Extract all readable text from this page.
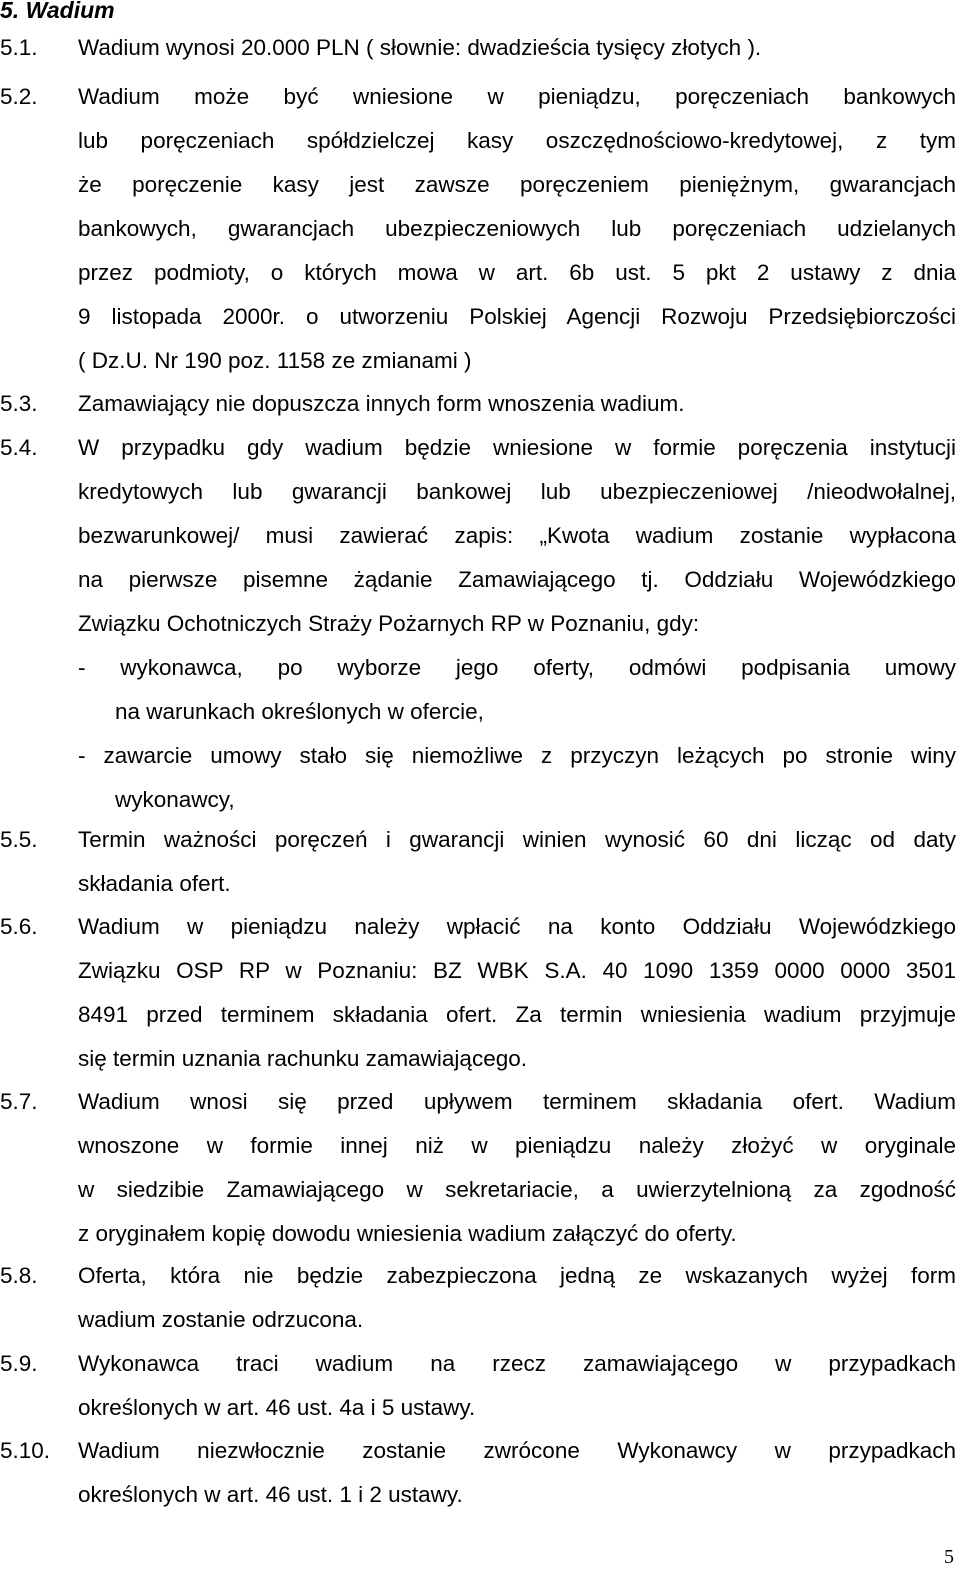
5. Wadium
5.1.	Wadium wynosi 20.000 PLN ( słownie: dwadzieścia tysięcy złotych ).
5.2.	Wadium może być wniesione w pieniądzu, poręczeniach bankowych
lub poręczeniach spółdzielczej kasy oszczędnościowo-kredytowej, z tym
że poręczenie kasy jest zawsze poręczeniem pieniężnym, gwarancjach
bankowych, gwarancjach ubezpieczeniowych lub poręczeniach udzielanych
przez podmioty, o których mowa w art. 6b ust. 5 pkt 2 ustawy z dnia
9 listopada 2000r. o utworzeniu Polskiej Agencji Rozwoju Przedsiębiorczości
( Dz.U. Nr 190 poz. 1158 ze zmianami )
5.3.	Zamawiający nie dopuszcza innych form wnoszenia wadium.
5.4.	W przypadku gdy wadium będzie wniesione w formie poręczenia instytucji
kredytowych lub gwarancji bankowej lub ubezpieczeniowej /nieodwołalnej,
bezwarunkowej/ musi zawierać zapis: „Kwota wadium zostanie wypłacona
na pierwsze pisemne żądanie Zamawiającego tj. Oddziału Wojewódzkiego
Związku Ochotniczych Straży Pożarnych RP w Poznaniu, gdy:
- wykonawca, po wyborze jego oferty, odmówi podpisania umowy
na warunkach określonych w ofercie,
- zawarcie umowy stało się niemożliwe z przyczyn leżących po stronie winy
wykonawcy,
5.5.	Termin ważności poręczeń i gwarancji winien wynosić 60 dni licząc od daty
składania ofert.
5.6.	Wadium w pieniądzu należy wpłacić na konto Oddziału Wojewódzkiego
Związku OSP RP w Poznaniu: BZ WBK S.A. 40 1090 1359 0000 0000 3501
8491 przed terminem składania ofert. Za termin wniesienia wadium przyjmuje
się termin uznania rachunku zamawiającego.
5.7.	Wadium wnosi się przed upływem terminem składania ofert. Wadium
wnoszone w formie innej niż w pieniądzu należy złożyć w oryginale
w siedzibie Zamawiającego w sekretariacie, a uwierzytelnioną za zgodność
z oryginałem kopię dowodu wniesienia wadium załączyć do oferty.
5.8.	Oferta, która nie będzie zabezpieczona jedną ze wskazanych wyżej form
wadium zostanie odrzucona.
5.9.	Wykonawca traci wadium na rzecz zamawiającego w przypadkach
określonych w art. 46 ust. 4a i 5 ustawy.
5.10.	Wadium niezwłocznie zostanie zwrócone Wykonawcy w przypadkach
określonych w art. 46 ust. 1 i 2 ustawy.
5
